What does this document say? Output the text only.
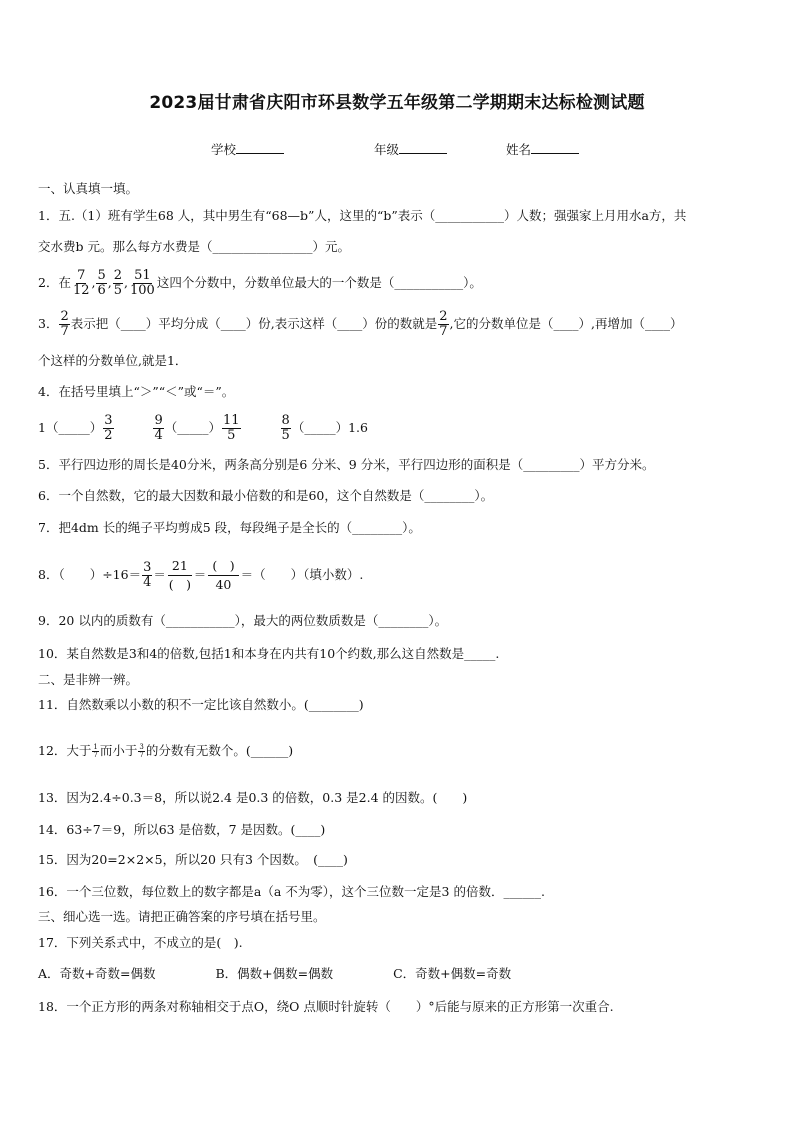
2023届甘肃省庆阳市环县数学五年级第二学期期末达标检测试题
学校	年级	姓名
一、认真填一填。
1．五.（1）班有学生68 人，其中男生有“68—b”人，这里的“b”表示（___________）人数；强强家上月用水a方，共
交水费b 元。那么每方水费是（________________）元。
2．在 $\frac{7}{12}$ , $\frac{5}{6}$ , $\frac{2}{5}$ , $\frac{51}{100}$ 这四个分数中，分数单位最大的一个数是（___________）。
3． $\frac{2}{7}$ 表示把（____）平均分成（____）份,表示这样（____）份的数就是 $\frac{2}{7}$ ,它的分数单位是（____）,再增加（____）
个这样的分数单位,就是1．
4．在括号里填上“＞”“＜”或“＝”。
1（_____） $\frac{3}{2}$
	$\frac{9}{4}$ （_____） $\frac{11}{5}$
	$\frac{8}{5}$ （_____）1.6
5．平行四边形的周长是40分米，两条高分别是6 分米、9 分米，平行四边形的面积是（_________）平方分米。
6．一个自然数，它的最大因数和最小倍数的和是60，这个自然数是（________）。
7．把4dm 长的绳子平均剪成5 段，每段绳子是全长的（________）。
8．（　　）$\div 16= \frac{3}{4}$ ＝
21
(　)
＝
(　)
40
＝（　　）（填小数）.
9．20 以内的质数有（___________），最大的两位数质数是（________）。
10．某自然数是3和4的倍数,包括1和本身在内共有10个约数,那么这自然数是_____.
二、是非辨一辨。
11．自然数乘以小数的积不一定比该自然数小。(________)
12．大于 $\frac{1}{7}$ 而小于 $\frac{3}{7}$ 的分数有无数个。(______)
13．因为2.4÷0.3＝8，所以说2.4 是0.3 的倍数，0.3 是2.4 的因数。(　　)
14．63÷7＝9，所以63 是倍数，7 是因数。(____)
15．因为20=2×2×5，所以20 只有3 个因数。　(____)
16．一个三位数，每位数上的数字都是a（a 不为零），这个三位数一定是3 的倍数．______.
三、细心选一选。请把正确答案的序号填在括号里。
17．下列关系式中，不成立的是(　).
A．奇数+奇数=偶数	B．偶数+偶数=偶数	C．奇数+偶数=奇数
18．一个正方形的两条对称轴相交于点O，绕O 点顺时针旋转（　　）°后能与原来的正方形第一次重合.
